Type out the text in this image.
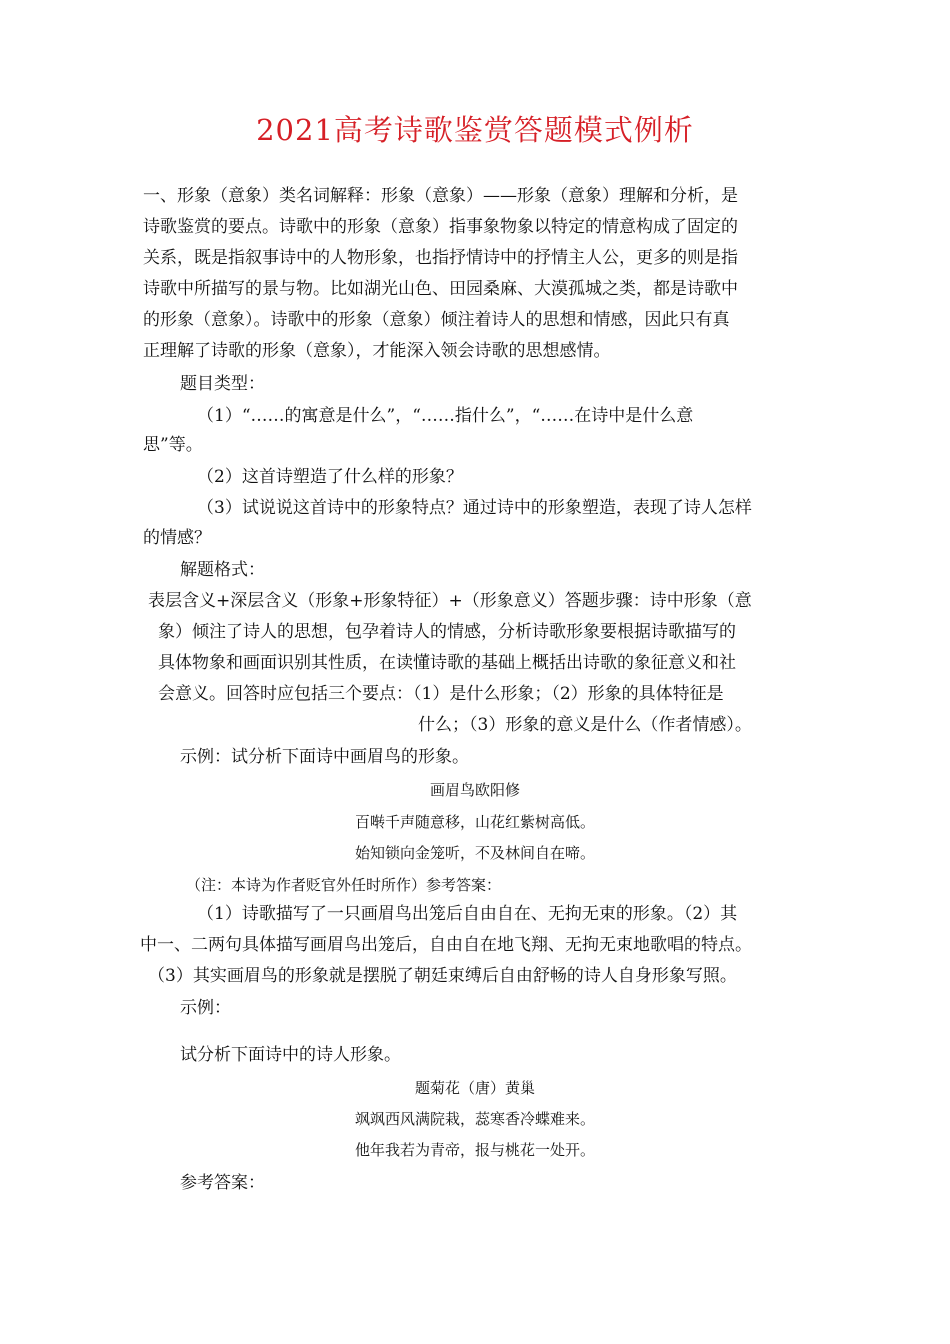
2021高考诗歌鉴赏答题模式例析
一、形象（意象）类名词解释：形象（意象）——形象（意象）理解和分析，是
诗歌鉴赏的要点。诗歌中的形象（意象）指事象物象以特定的情意构成了固定的
关系，既是指叙事诗中的人物形象，也指抒情诗中的抒情主人公，更多的则是指
诗歌中所描写的景与物。比如湖光山色、田园桑麻、大漠孤城之类，都是诗歌中
的形象（意象）。诗歌中的形象（意象）倾注着诗人的思想和情感，因此只有真
正理解了诗歌的形象（意象），才能深入领会诗歌的思想感情。
题目类型：
（1）“……的寓意是什么”，“……指什么”，“……在诗中是什么意
思”等。
（2）这首诗塑造了什么样的形象？
（3）试说说这首诗中的形象特点？通过诗中的形象塑造，表现了诗人怎样
的情感？
解题格式：
表层含义+深层含义（形象+形象特征）+（形象意义）答题步骤：诗中形象（意
象）倾注了诗人的思想，包孕着诗人的情感，分析诗歌形象要根据诗歌描写的
具体物象和画面识别其性质，在读懂诗歌的基础上概括出诗歌的象征意义和社
会意义。回答时应包括三个要点：（1）是什么形象；（2）形象的具体特征是
什么；（3）形象的意义是什么（作者情感）。
示例：试分析下面诗中画眉鸟的形象。
画眉鸟欧阳修
百啭千声随意移，山花红紫树高低。
始知锁向金笼听，不及林间自在啼。
（注：本诗为作者贬官外任时所作）参考答案：
（1）诗歌描写了一只画眉鸟出笼后自由自在、无拘无束的形象。（2）其
中一、二两句具体描写画眉鸟出笼后，自由自在地飞翔、无拘无束地歌唱的特点。
（3）其实画眉鸟的形象就是摆脱了朝廷束缚后自由舒畅的诗人自身形象写照。
示例：
试分析下面诗中的诗人形象。
题菊花（唐）黄巢
飒飒西风满院栽，蕊寒香冷蝶难来。
他年我若为青帝，报与桃花一处开。
参考答案：
